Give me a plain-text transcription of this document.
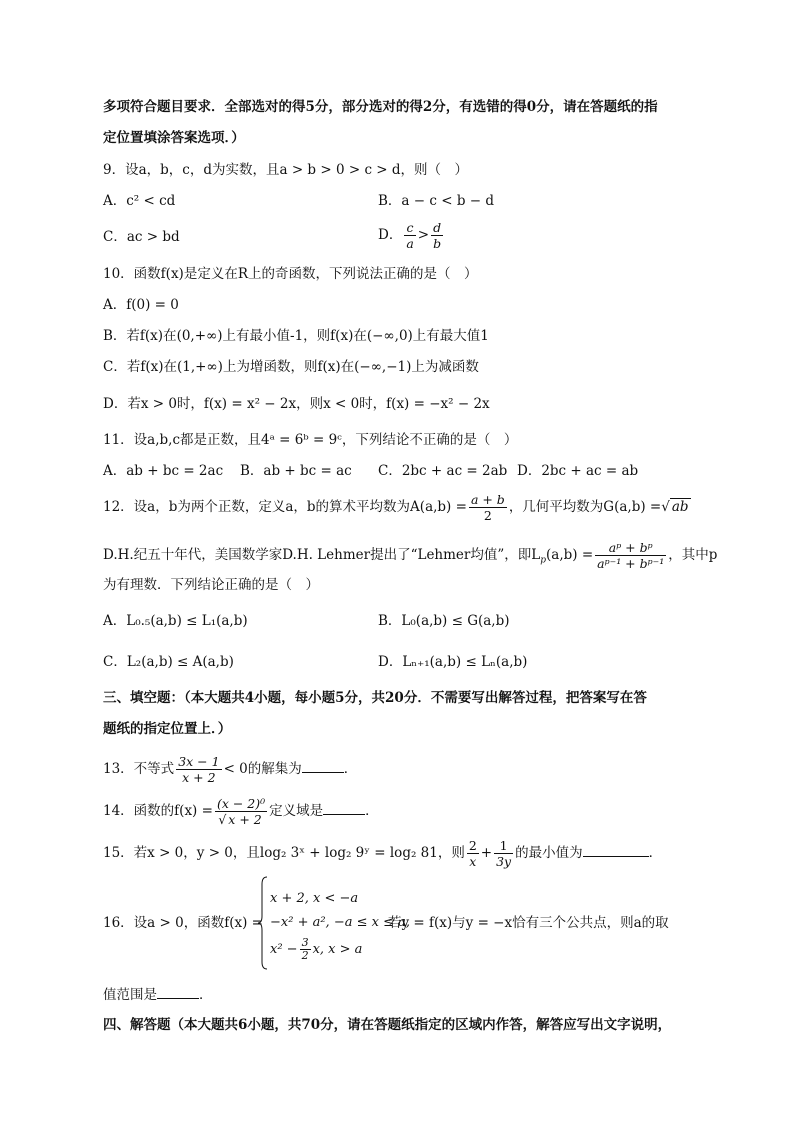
多项符合题目要求．全部选对的得5分，部分选对的得2分，有选错的得0分，请在答题纸的指
定位置填涂答案选项．）
9．设a，b，c，d为实数，且a > b > 0 > c > d，则（　）
A．c² < cd	B．a − c < b − d
C．ac > bd	D． $\frac{c}{a} > \frac{d}{b}$
10．函数f(x)是定义在R上的奇函数，下列说法正确的是（　）
A．f(0) = 0
B．若f(x)在(0,+∞)上有最小值-1，则f(x)在(−∞,0)上有最大值1
C．若f(x)在(1,+∞)上为增函数，则f(x)在(−∞,−1)上为减函数
D．若x > 0时，f(x) = x² − 2x，则x < 0时，f(x) = −x² − 2x
11．设a,b,c都是正数，且4ᵃ = 6ᵇ = 9ᶜ，下列结论不正确的是（　）
A．ab + bc = 2ac B．ab + bc = ac C．2bc + ac = 2ab D．2bc + ac = ab
12．设a，b为两个正数，定义a，b的算术平均数为$A(a,b) = \frac{a + b}{2}$ ，几何平均数为G(a,b) =√ ab
D.H.纪五十年代，美国数学家D.H. Lehmer提出了“Lehmer均值”，即$L_p(a,b) = \frac{\text{aᵖ + bᵖ}}{\text{aᵖ⁻¹ + bᵖ⁻¹}}$ ，其中p
为有理数．下列结论正确的是（　）
A．L₀.₅(a,b) ≤ L₁(a,b)	B．L₀(a,b) ≤ G(a,b)
C．L₂(a,b) ≤ A(a,b)	D．Lₙ₊₁(a,b) ≤ Lₙ(a,b)
三、填空题：（本大题共4小题，每小题5分，共20分．不需要写出解答过程，把答案写在答
题纸的指定位置上．）
13．不等式 $\frac{3x - 1}{x + 2} < 0$的解集为	．
14．函数的$f(x) = \frac{\text{(x − 2)⁰}}{√ x + 2}$ 定义域是	．
15．若x > 0，y > 0，且log₂ 3ˣ + log₂ 9ʸ = log₂ 81，则 $\frac{2}{x} + \frac{1}{3y}$ 的最小值为	．
16．设a > 0，函数f(x) =
x + 2, x < −a
−x² + a², −a ≤ x ≤ a,
$x^2 - \frac{3}{2} x$, x > a
若y = f(x)与y = −x恰有三个公共点，则a的取
值范围是	．
四、解答题（本大题共6小题，共70分，请在答题纸指定的区域内作答，解答应写出文字说明，
